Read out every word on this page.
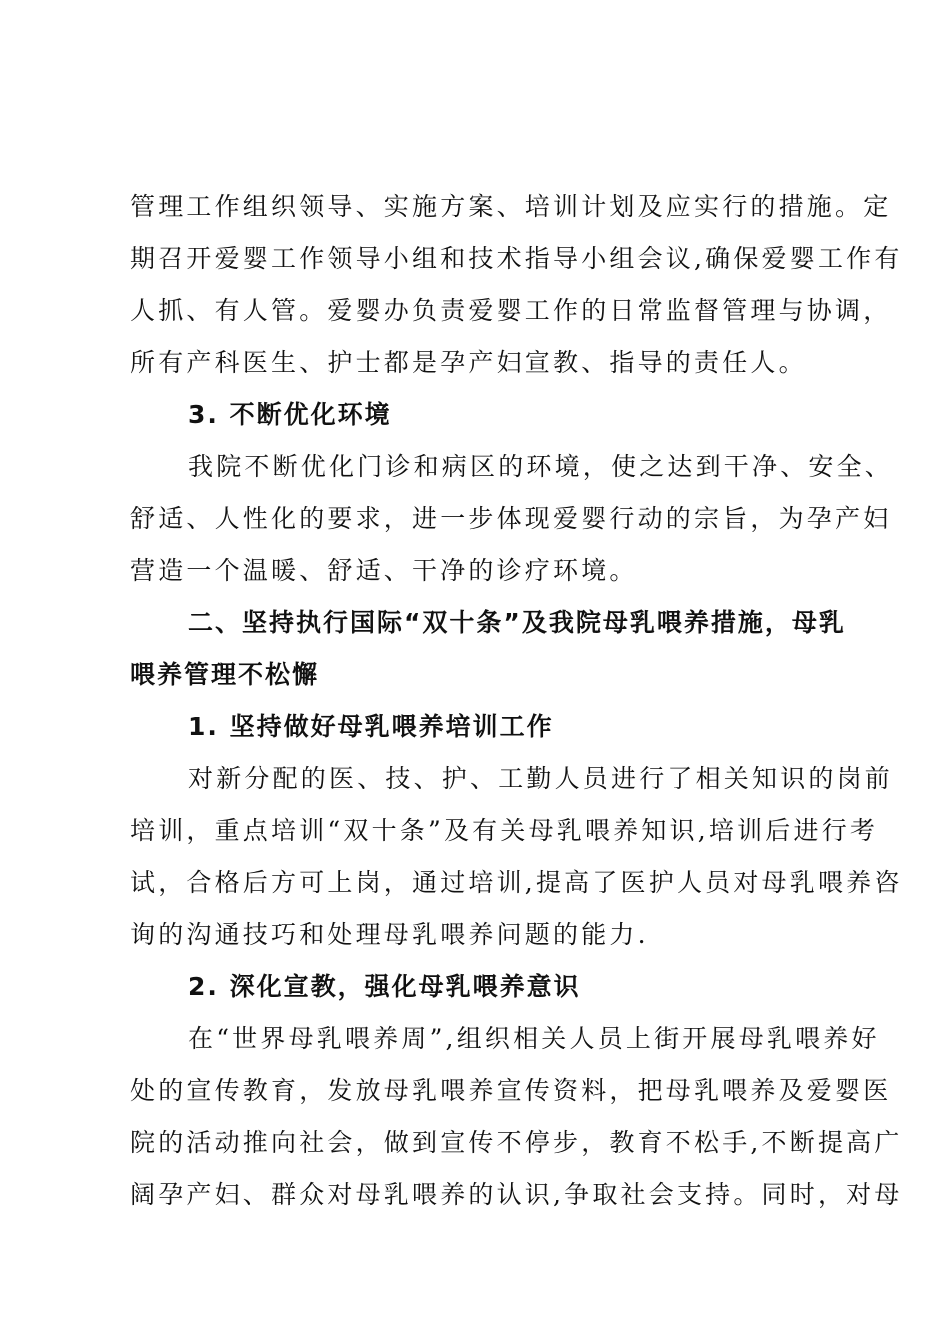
管理工作组织领导、实施方案、培训计划及应实行的措施。定
期召开爱婴工作领导小组和技术指导小组会议,确保爱婴工作有
人抓、有人管。爱婴办负责爱婴工作的日常监督管理与协调，
所有产科医生、护士都是孕产妇宣教、指导的责任人。
3. 不断优化环境
我院不断优化门诊和病区的环境，使之达到干净、安全、
舒适、人性化的要求，进一步体现爱婴行动的宗旨，为孕产妇
营造一个温暖、舒适、干净的诊疗环境。
二、坚持执行国际“双十条”及我院母乳喂养措施，母乳
喂养管理不松懈
1. 坚持做好母乳喂养培训工作
对新分配的医、技、护、工勤人员进行了相关知识的岗前
培训，重点培训“双十条”及有关母乳喂养知识,培训后进行考
试，合格后方可上岗，通过培训,提高了医护人员对母乳喂养咨
询的沟通技巧和处理母乳喂养问题的能力.
2. 深化宣教，强化母乳喂养意识
在“世界母乳喂养周”,组织相关人员上街开展母乳喂养好
处的宣传教育，发放母乳喂养宣传资料，把母乳喂养及爱婴医
院的活动推向社会，做到宣传不停步，教育不松手,不断提高广
阔孕产妇、群众对母乳喂养的认识,争取社会支持。同时，对母
